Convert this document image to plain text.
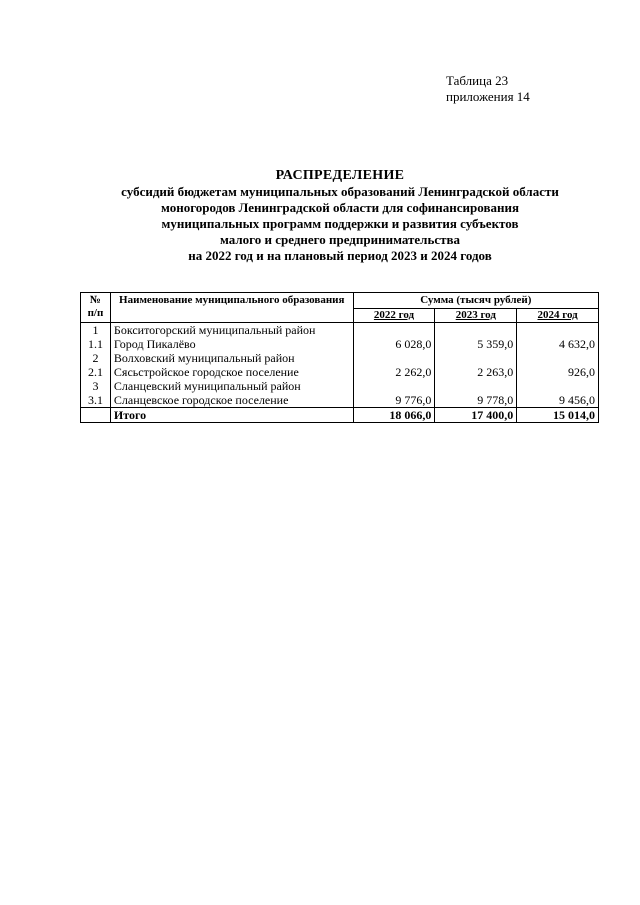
Таблица 23
приложения 14
РАСПРЕДЕЛЕНИЕ
субсидий бюджетам муниципальных образований Ленинградской области
моногородов Ленинградской области для софинансирования
муниципальных программ поддержки и развития субъектов
малого и среднего предпринимательства
на 2022 год и на плановый период 2023 и 2024 годов
№ п/п	Наименование муниципального образования	Сумма (тысяч рублей)		
		2022 год	2023 год	2024 год
1	Бокситогорский муниципальный район			
1.1	Город Пикалёво	6 028,0	5 359,0	4 632,0
2	Волховский муниципальный район			
2.1	Сясьстройское городское поселение	2 262,0	2 263,0	926,0
3	Сланцевский муниципальный район			
3.1	Сланцевское городское поселение	9 776,0	9 778,0	9 456,0
	Итого	18 066,0	17 400,0	15 014,0
